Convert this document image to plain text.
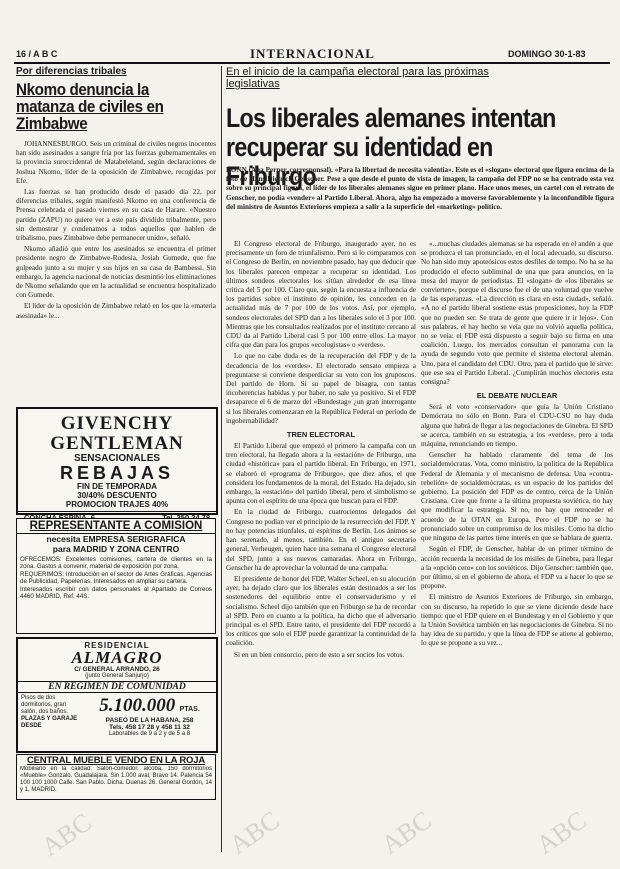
16 / A B C	INTERNACIONAL	DOMINGO 30-1-83
Por diferencias tribales
Nkomo denuncia la matanza de civiles en Zimbabwe

JOHANNESBURGO. Seis un criminal de civiles negros inocentes han sido asesinados a sangre fría por las fuerzas gubernamentales en la provincia suroccidental de Matabeleland, según declaraciones de Joshua Nkomo, líder de la oposición de Zimbabwe, recogidas por Efe.

Las fuerzas se han producido desde el pasado día 22, por diferencias tribales, según manifestó Nkomo en una conferencia de Prensa celebrada el pasado viernes en su casa de Harare. «Nuestro partido (ZAPU) no quiere ver a este país dividido tribalmente, pero sin demostrar y condenamos a todos aquellos que hablen de tribalismo, pues Zimbabwe debe permanecer unido», señaló.

Nkomo añadió que entre los asesinados se encuentra el primer presidente negro de Zimbabwe-Rodesia, Josiah Gumede, que fue golpeado junto a su mujer y sus hijos en su casa de Bambessi. Sin embargo, la agencia nacional de noticias desmintió los eliminaciones de Nkomo señalando que en la actualidad se encuentra hospitalizado con Gumede.

El líder de la oposición de Zimbabwe relató en los que la «materia asesinada» le...

GIVENCHY
GENTLEMAN
SENSACIONALES
REBAJAS
FIN DE TEMPORADA
30/40% DESCUENTO
PROMOCION TRAJES 40%
REPRESENTANTE A COMISION
necesita EMPRESA SERIGRAFICA
para MADRID Y ZONA CENTRO
OFRECEMOS: Excelentes comisiones, cartera de clientes en la zona. Gastos a convenir, material de exposición por zona.
REQUERIMOS: Introducción en el sector de Artes Gráficas, Agencias de Publicidad, Papelerías. Interesados en ampliar su cartera.
Interesados escribir con datos personales al Apartado de Correos 4460 MADRID, Ref. 44S.
RESIDENCIAL
ALMAGRO
C/ GENERAL ARRANDO, 26
(junto General Sanjurjo)
EN REGIMEN DE COMUNIDAD
Pisos de dos dormitorios, gran salón, dos baños.
PLAZAS Y GARAJE
DESDE
5.100.000 PTAS.
PASEO DE LA HABANA, 258
Tels. 458 17 28 y 458 11 32
Laborables de 9 a 2 y de 5 a 8
CENTRAL MUEBLE VENDO EN LA ROJA
Mobiliario en la calidad: Salón-comedor, alcoba, 150 dormitorios «Mueble» Gonzalo. Guadalajara. Sin 1.000 aval, Bravo 14. Palencia 54 100 100 1000 Calle. San Pablo. Dicha. Duenas 26. General Gordón, 14 y 1, MADRID.
En el inicio de la campaña electoral para las próximas legislativas
Los liberales alemanes intentan recuperar su identidad en Friburgo
BONN (Ana Perner, corresponsal). «Para la libertad de necesita valentía». Este es el «slogan» electoral que figura encima de la foto de Hans Dietrich Genscher. Pese a que desde el punto de vista de imagen, la campaña del FDP no se ha centrado esta vez sobre su principal figura, el líder de los liberales alemanes sigue en primer plano. Hace unos meses, un cartel con el retrato de Genscher, no podía «vender» al Partido Liberal. Ahora, algo ha empezado a moverse favorablemente y la inconfundible figura del ministro de Asuntos Exteriores empieza a salir a la superficie del «marketing» político.

El Congreso electoral de Friburgo, inaugurado ayer, no es precisamente un foro de triunfalismo. Pero si lo comparamos con el Congreso de Berlín, en noviembre pasado, hay que deducir que los liberales parecen empezar a recuperar su identidad. Los últimos sondeos electorales los sitúan alrededor de esa línea crítica del 5 por 100. Claro que, según la encuesta a influencia de los partidos sobre el instituto de opinión, les conceden en la actualidad más de 7 por 100 de los votos. Así, por ejemplo, sondeos electorales del SPD dan a los liberales solo el 3 por 100. Mientras que los consultados realizados por el instituto cercano al CDU da al Partido Liberal casi 5 por 100 entre ellos. La mayor cifra que dan para los grupos «ecologistas» o «verdes».

Lo que no cabe duda es de la recuperación del FDP y de la decadencia de los «verdes». El electorado sensato empieza a preguntarse si conviene desperdiciar su voto con los gruposcos. Del partido de Horn. Si su papel de bisagra, con tantas incoherencias habidas y por haber, no sale ya positivo. Si el FDP desaparece el 6 de marzo del «Bundestag» ¿un gran interrogante si los liberales comenzaran en la República Federal un período de ingobernabilidad?

TREN ELECTORAL

El Partido Liberal que empezó el primero la campaña con un tren electoral, ha llegado ahora a la «estación» de Friburgo, una ciudad «histórica» para el partido liberal. En Friburgo, en 1971, se elaboró el «programa de Friburgo», que diez años, el que considera los fundamentos de la moral, del Estado. Ha dejado, sin embargo, la «estación» del partido liberal, pero el simbolismo se apunta con el espíritu de una época que buscan para el FDP.

En la ciudad de Friburgo, cuatrocientos delegados del Congreso no podían ver el principio de la resurrección del FDP. Y no hay potencias triunfales, ni espíritus de Berlín. Los ánimos se han serenado, al menos, también. En el antiguo secretario general, Verheugen, quien hace una semana el Congreso electoral del SPD, junto a sus nuevos camaradas. Ahora en Friburgo, Genscher ha de aprovechar la voluntad de una campaña.

El presidente de honor del FDP, Walter Scheel, en su alocución ayer, ha dejado claro que los liberales están destinados a ser los sostenedores del equilibrio entre el conservadurismo y el socialismo. Scheel dijo también que en Friburgo se ha de recordar al SPD. Pero en cuanto a la política, ha dicho que el adversario principal es el SPD. Entre tanto, el presidente del FDP recordó a los críticos que solo el FDP puede garantizar la continuidad de la coalición.

Si en un bien consorcio, pero de esto a ser socios los votos.

«...muchas ciudades alemanas se ha esperado en el andén a que se produzca el tan pronunciado, en el local adecuado, su discurso. No han sido muy apoteósicos estos desfiles de tempo. No ha se ha producido el efecto subliminal de una que para anuncios, en la mesa del mayor de periodistas. El «slogan» de «los liberales se convierten», porque el discurso fue el de una voluntad que vuelve de las esperanzas. «La dirección es clara en esta ciudad», señaló. «A no el partido liberal sostiene estas proposiciones, hoy la FDP que no pueden ser. Se trata de gente que quiere ir ir lejos». Con sus palabras, el hay hecho se veía que no volvió aquella política, no se veía: el FDP está dispuesto a seguir bajo su firma en una coalición. Luego, los mercados consultan el panorama con la ayuda de segundo voto que permite el sistema electoral alemán. Uno, para el candidato del CDU. Otro, para el partido que le sirve: que ese sea el Partido Liberal. ¿Cumplirán muchos electores esta consigna?

EL DEBATE NUCLEAR

Será el voto «conservador» que guía la Unión Cristiano Demócrata no sólo en Bonn. Para el CDU-CSU no hay duda alguna que habrá de llegar a las negociaciones de Ginebra. El SPD se acerca, también en su estrategia, a los «verdes», pero a toda máquina, renunciando en tiempo.

Genscher ha hablado claramente del tema de los socialdemócratas. Vota, como ministro, la política de la República Federal de Alemania y el mecanismo de defensa. Una «contra-rebelión» de socialdemócratas, es un espacio de los partidos del gobierno. La posición del FDP es de centro, cerca de la Unión Cristiana. Cree que frente a la última propuesta soviética, no hay que modificar la estrategia. Si no, no hay que retroceder el acuerdo de la OTAN en Europa. Pero el FDP no se ha pronunciado sobre un compromiso de los misiles. Como ha dicho que ninguna de las partes tiene interés en que se hablara de guerra.

Según el FDP, de Genscher, hablar de un primer término de acción recuerda la necesidad de los misiles de Ginebra, para llegar a la «opción cero» con los soviéticos. Dijo Genscher: también que, por último, si en el gobierno de ahora, el FDP va a hacer lo que se propone.

El ministro de Asuntos Exteriores de Friburgo, sin embargo, con su discurso, ha repetido lo que se viene diciendo desde hace tiempo: que el FDP quiere en el Bundestag y en el Gobierno y que la Unión Soviética también en las negociaciones de Ginebra. Si no hay idea de su partido, y que la línea de FDP se atiene al gobierno, lo que se propone a su vez...

ABC	ABC	ABC	ABC
